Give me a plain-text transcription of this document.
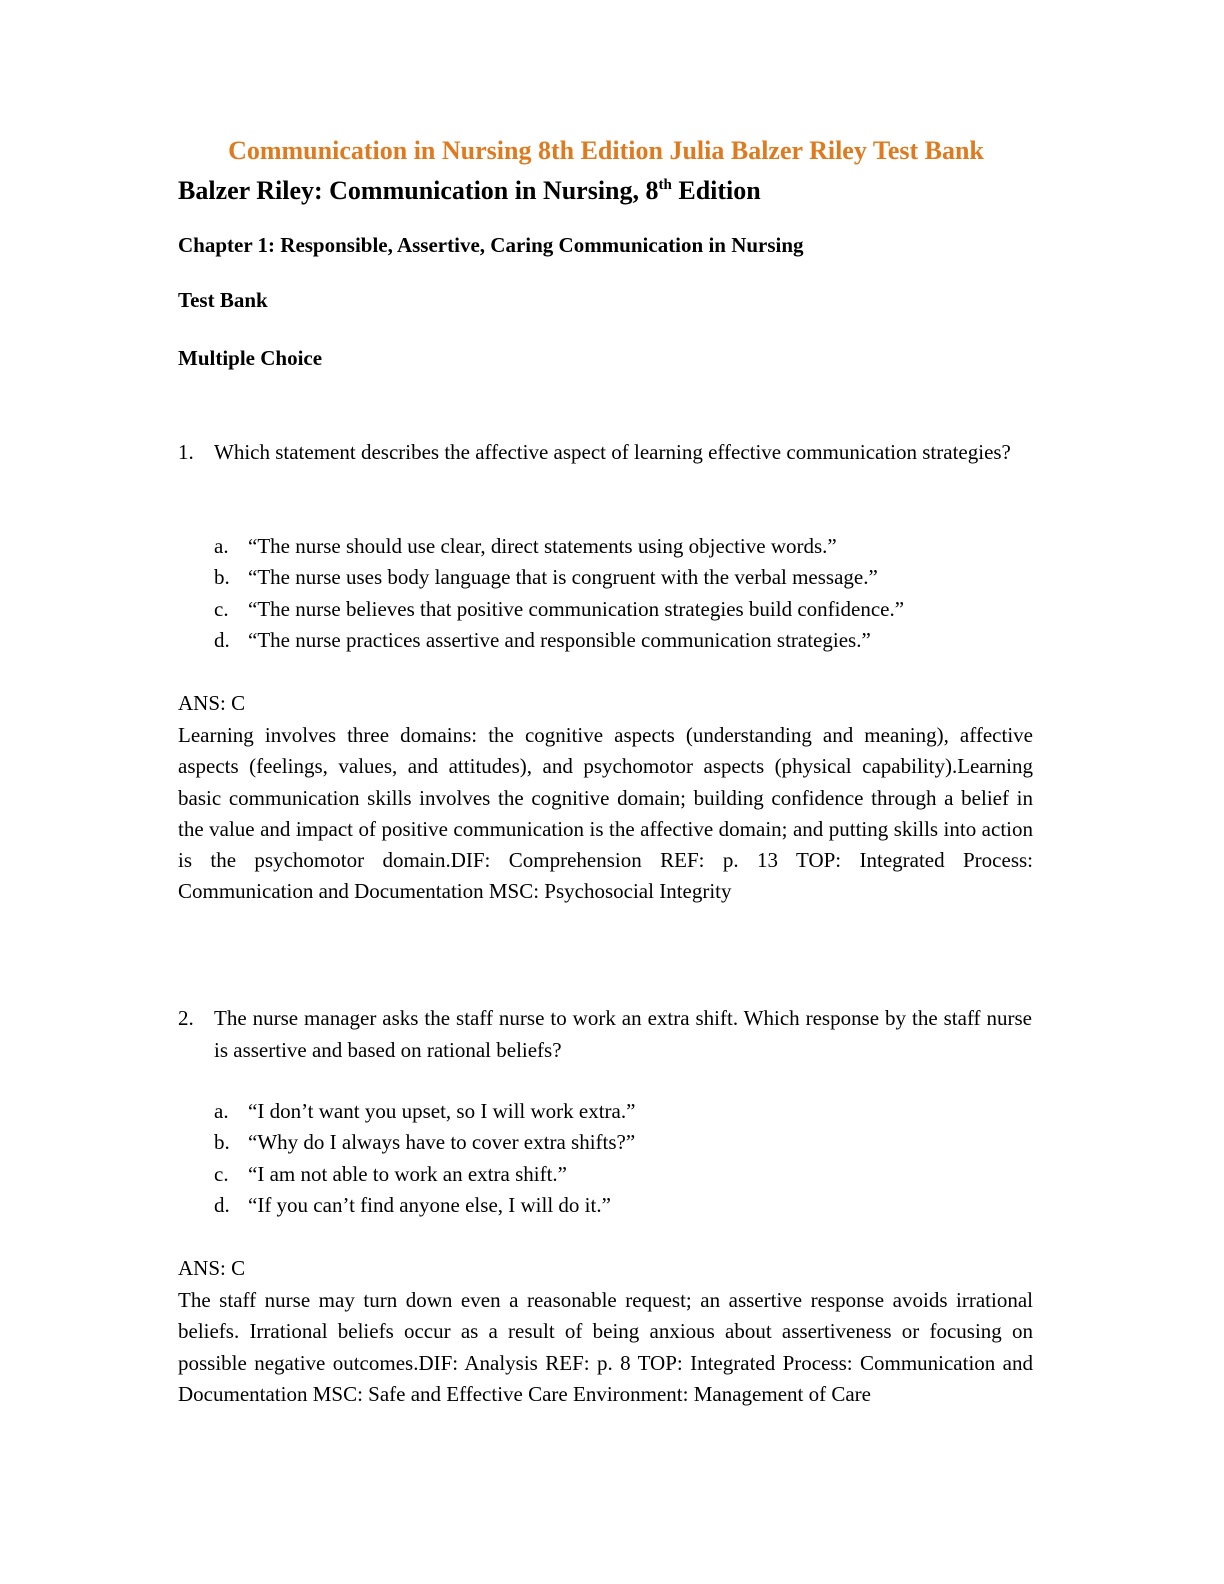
Communication in Nursing 8th Edition Julia Balzer Riley Test Bank
Balzer Riley: Communication in Nursing, 8th Edition
Chapter 1: Responsible, Assertive, Caring Communication in Nursing
Test Bank
Multiple Choice
1. Which statement describes the affective aspect of learning effective communication strategies?
a. “The nurse should use clear, direct statements using objective words.”
b. “The nurse uses body language that is congruent with the verbal message.”
c. “The nurse believes that positive communication strategies build confidence.”
d. “The nurse practices assertive and responsible communication strategies.”
ANS: C
Learning involves three domains: the cognitive aspects (understanding and meaning), affective aspects (feelings, values, and attitudes), and psychomotor aspects (physical capability).Learning basic communication skills involves the cognitive domain; building confidence through a belief in the value and impact of positive communication is the affective domain; and putting skills into action is the psychomotor domain.DIF: Comprehension REF: p. 13 TOP: Integrated Process: Communication and Documentation MSC: Psychosocial Integrity
2. The nurse manager asks the staff nurse to work an extra shift. Which response by the staff nurse is assertive and based on rational beliefs?
a. “I don’t want you upset, so I will work extra.”
b. “Why do I always have to cover extra shifts?”
c. “I am not able to work an extra shift.”
d. “If you can’t find anyone else, I will do it.”
ANS: C
The staff nurse may turn down even a reasonable request; an assertive response avoids irrational beliefs. Irrational beliefs occur as a result of being anxious about assertiveness or focusing on possible negative outcomes.DIF: Analysis REF: p. 8 TOP: Integrated Process: Communication and Documentation MSC: Safe and Effective Care Environment: Management of Care
